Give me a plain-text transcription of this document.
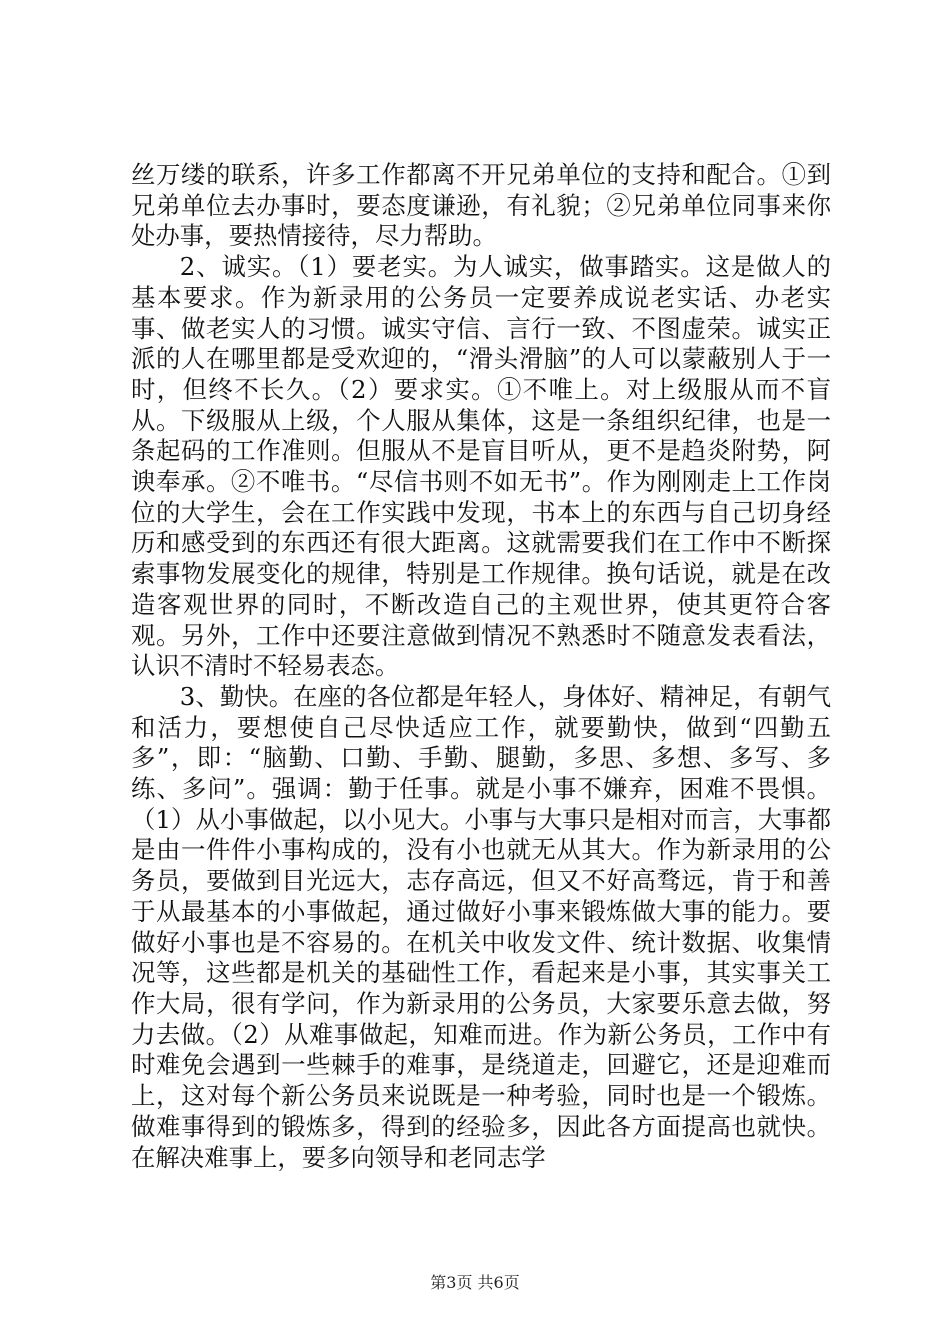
丝万缕的联系，许多工作都离不开兄弟单位的支持和配合。①到兄弟单位去办事时，要态度谦逊，有礼貌；②兄弟单位同事来你处办事，要热情接待，尽力帮助。

2、诚实。（1）要老实。为人诚实，做事踏实。这是做人的基本要求。作为新录用的公务员一定要养成说老实话、办老实事、做老实人的习惯。诚实守信、言行一致、不图虚荣。诚实正派的人在哪里都是受欢迎的，“滑头滑脑”的人可以蒙蔽别人于一时，但终不长久。（2）要求实。①不唯上。对上级服从而不盲从。下级服从上级，个人服从集体，这是一条组织纪律，也是一条起码的工作准则。但服从不是盲目听从，更不是趋炎附势，阿谀奉承。②不唯书。“尽信书则不如无书”。作为刚刚走上工作岗位的大学生，会在工作实践中发现，书本上的东西与自己切身经历和感受到的东西还有很大距离。这就需要我们在工作中不断探索事物发展变化的规律，特别是工作规律。换句话说，就是在改造客观世界的同时，不断改造自己的主观世界，使其更符合客观。另外，工作中还要注意做到情况不熟悉时不随意发表看法，认识不清时不轻易表态。

3、勤快。在座的各位都是年轻人，身体好、精神足，有朝气和活力，要想使自己尽快适应工作，就要勤快，做到“四勤五多”，即：“脑勤、口勤、手勤、腿勤，多思、多想、多写、多练、多问”。强调：勤于任事。就是小事不嫌弃，困难不畏惧。（1）从小事做起，以小见大。小事与大事只是相对而言，大事都是由一件件小事构成的，没有小也就无从其大。作为新录用的公务员，要做到目光远大，志存高远，但又不好高骛远，肯于和善于从最基本的小事做起，通过做好小事来锻炼做大事的能力。要做好小事也是不容易的。在机关中收发文件、统计数据、收集情况等，这些都是机关的基础性工作，看起来是小事，其实事关工作大局，很有学问，作为新录用的公务员，大家要乐意去做，努力去做。（2）从难事做起，知难而进。作为新公务员，工作中有时难免会遇到一些棘手的难事，是绕道走，回避它，还是迎难而上，这对每个新公务员来说既是一种考验，同时也是一个锻炼。做难事得到的锻炼多，得到的经验多，因此各方面提高也就快。在解决难事上，要多向领导和老同志学

第3页 共6页
